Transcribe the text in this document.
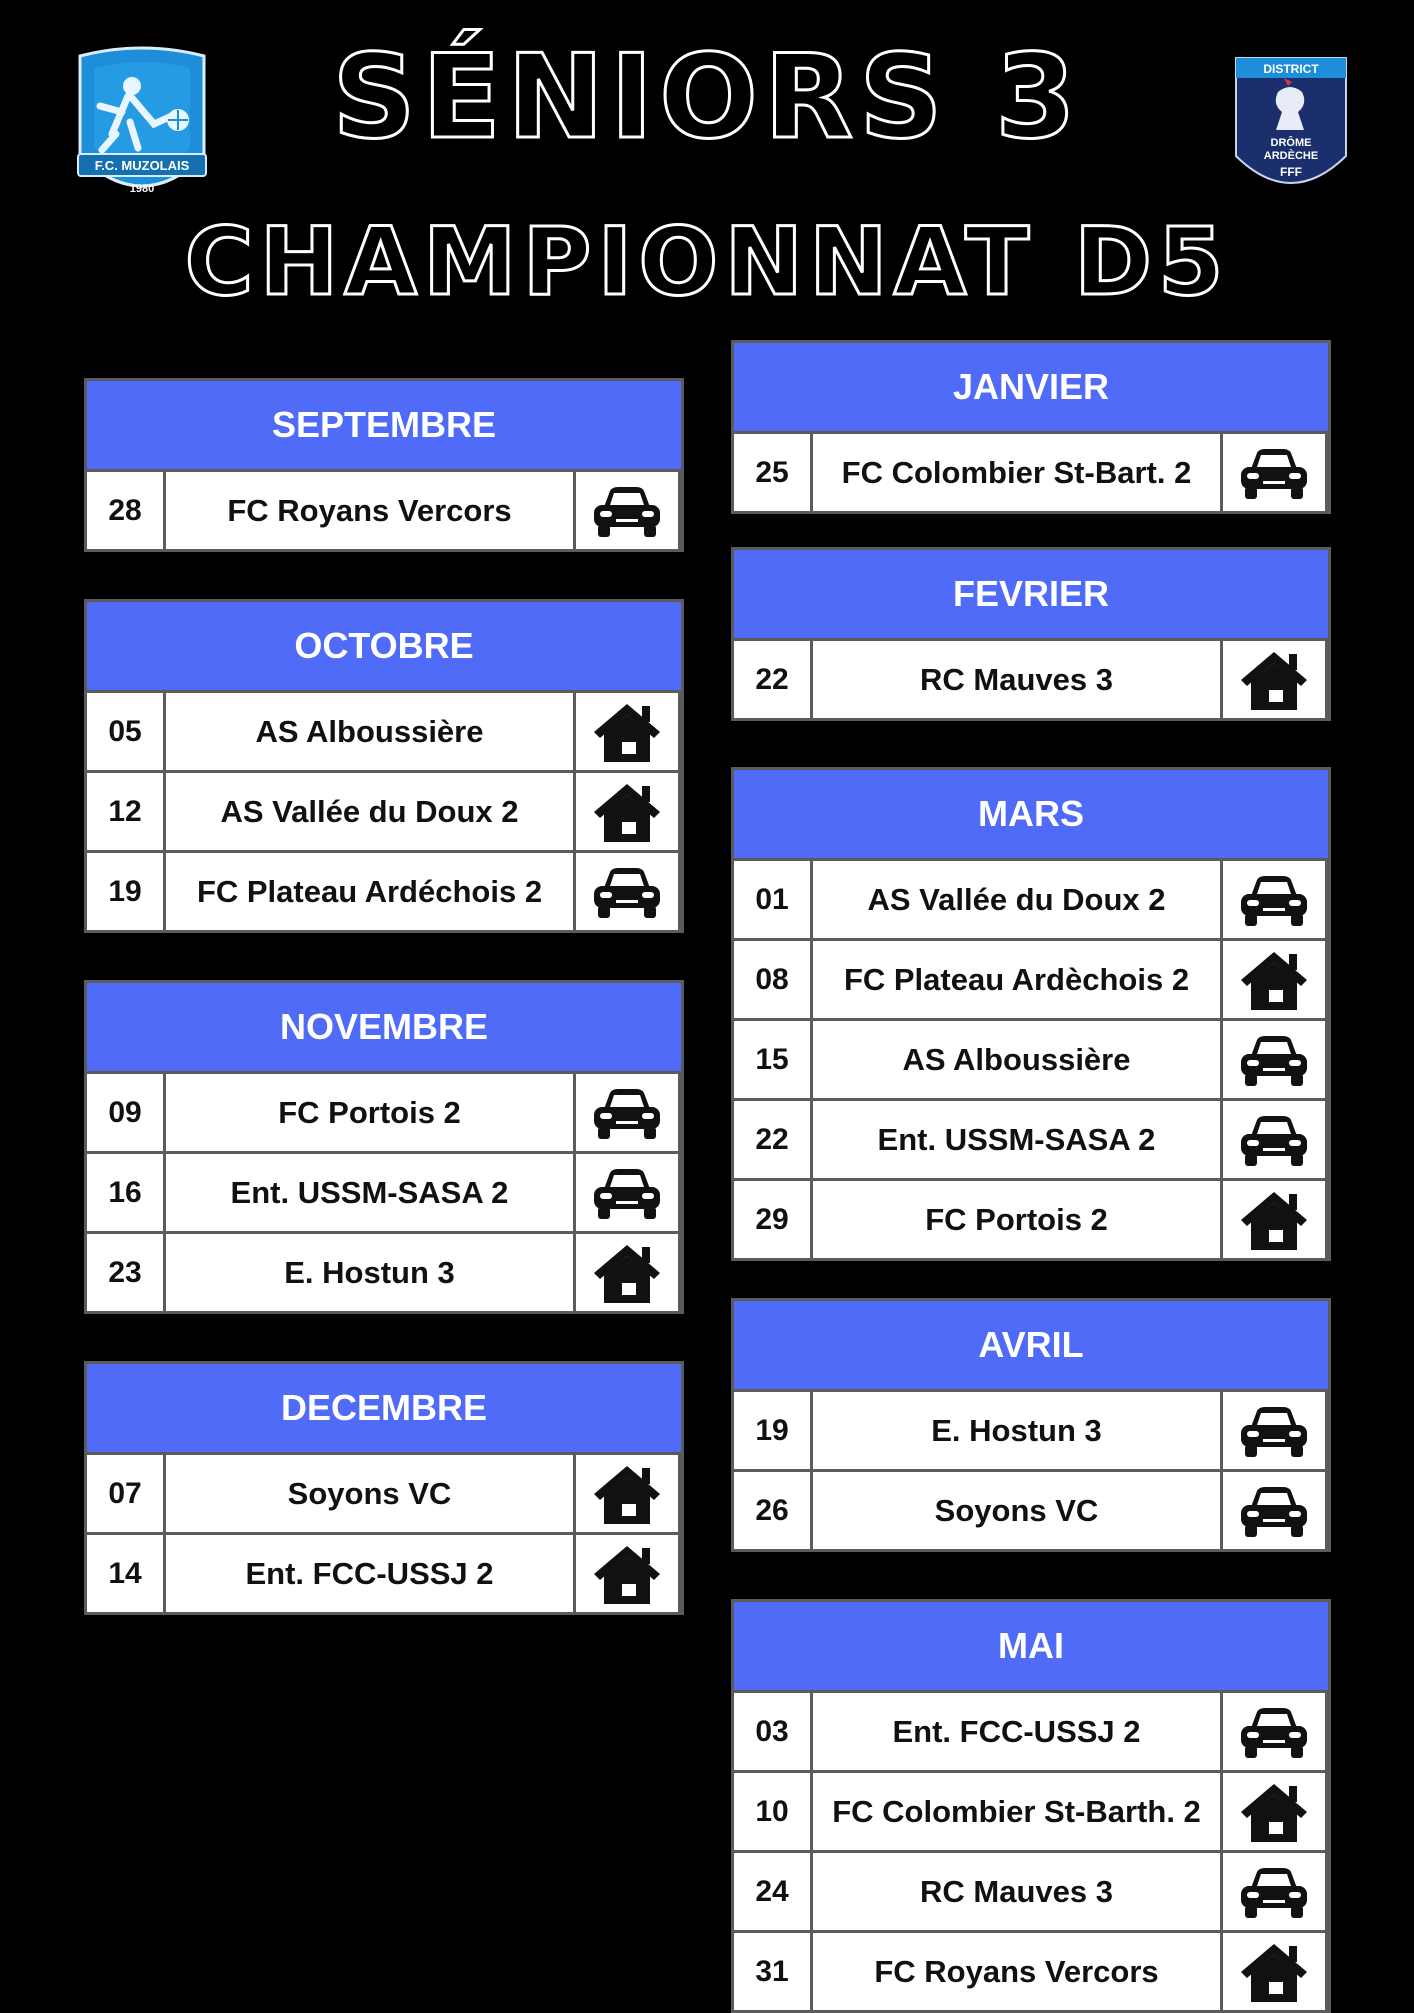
SÉNIORS 3
CHAMPIONNAT D5
F.C. MUZOLAIS
1980
DISTRICT
DRÔME
ARDÈCHE
FFF
SEPTEMBRE
28	FC Royans Vercors
OCTOBRE
05	AS Alboussière
12	AS Vallée du Doux 2
19	FC Plateau Ardéchois 2
NOVEMBRE
09	FC Portois 2
16	Ent. USSM-SASA 2
23	E. Hostun 3
DECEMBRE
07	Soyons VC
14	Ent. FCC-USSJ 2
JANVIER
25	FC Colombier St-Bart. 2
FEVRIER
22	RC Mauves 3
MARS
01	AS Vallée du Doux 2
08	FC Plateau Ardèchois 2
15	AS Alboussière
22	Ent. USSM-SASA 2
29	FC Portois 2
AVRIL
19	E. Hostun 3
26	Soyons VC
MAI
03	Ent. FCC-USSJ 2
10	FC Colombier St-Barth. 2
24	RC Mauves 3
31	FC Royans Vercors
